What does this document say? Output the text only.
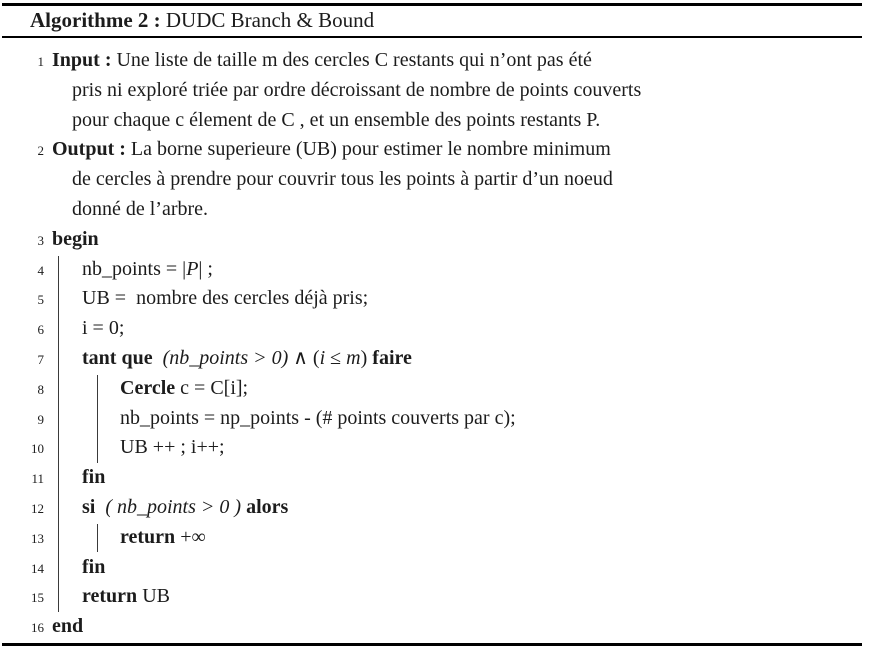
Algorithme 2 : DUDC Branch & Bound
1 Input : Une liste de taille m des cercles C restants qui n’ont pas été
pris ni exploré triée par ordre décroissant de nombre de points couverts
pour chaque c élement de C , et un ensemble des points restants P.
2 Output : La borne superieure (UB) pour estimer le nombre minimum
de cercles à prendre pour couvrir tous les points à partir d’un noeud
donné de l’arbre.
3 begin
4 nb_points = |P| ;
5 UB =  nombre des cercles déjà pris;
6 i = 0;
7 tant que  (nb_points > 0) ∧ (i ≤ m) faire
8	Cercle c = C[i];
9	nb_points = np_points - (# points couverts par c);
10	UB ++ ; i++;
11 fin
12 si  ( nb_points > 0 ) alors
13	return +∞
14 fin
15 return UB
16 end
